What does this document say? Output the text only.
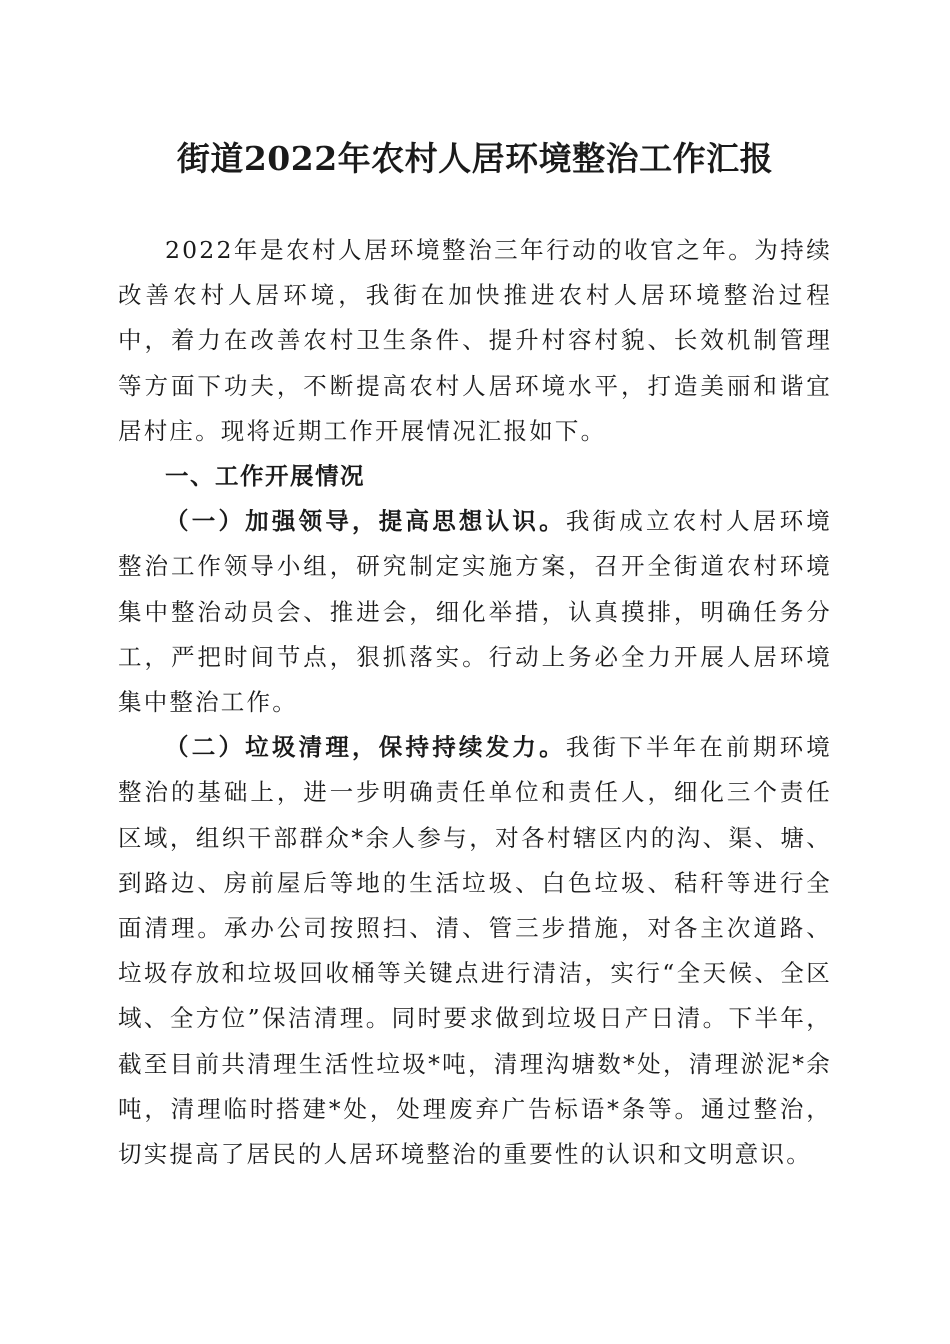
街道2022年农村人居环境整治工作汇报

2022年是农村人居环境整治三年行动的收官之年。为持续改善农村人居环境，我街在加快推进农村人居环境整治过程中，着力在改善农村卫生条件、提升村容村貌、长效机制管理等方面下功夫，不断提高农村人居环境水平，打造美丽和谐宜居村庄。现将近期工作开展情况汇报如下。

一、工作开展情况

（一）加强领导，提高思想认识。我街成立农村人居环境整治工作领导小组，研究制定实施方案，召开全街道农村环境集中整治动员会、推进会，细化举措，认真摸排，明确任务分工，严把时间节点，狠抓落实。行动上务必全力开展人居环境集中整治工作。

（二）垃圾清理，保持持续发力。我街下半年在前期环境整治的基础上，进一步明确责任单位和责任人，细化三个责任区域，组织干部群众*余人参与，对各村辖区内的沟、渠、塘、到路边、房前屋后等地的生活垃圾、白色垃圾、秸秆等进行全面清理。承办公司按照扫、清、管三步措施，对各主次道路、垃圾存放和垃圾回收桶等关键点进行清洁，实行“全天候、全区域、全方位”保洁清理。同时要求做到垃圾日产日清。下半年，截至目前共清理生活性垃圾*吨，清理沟塘数*处，清理淤泥*余吨，清理临时搭建*处，处理废弃广告标语*条等。通过整治，切实提高了居民的人居环境整治的重要性的认识和文明意识。
